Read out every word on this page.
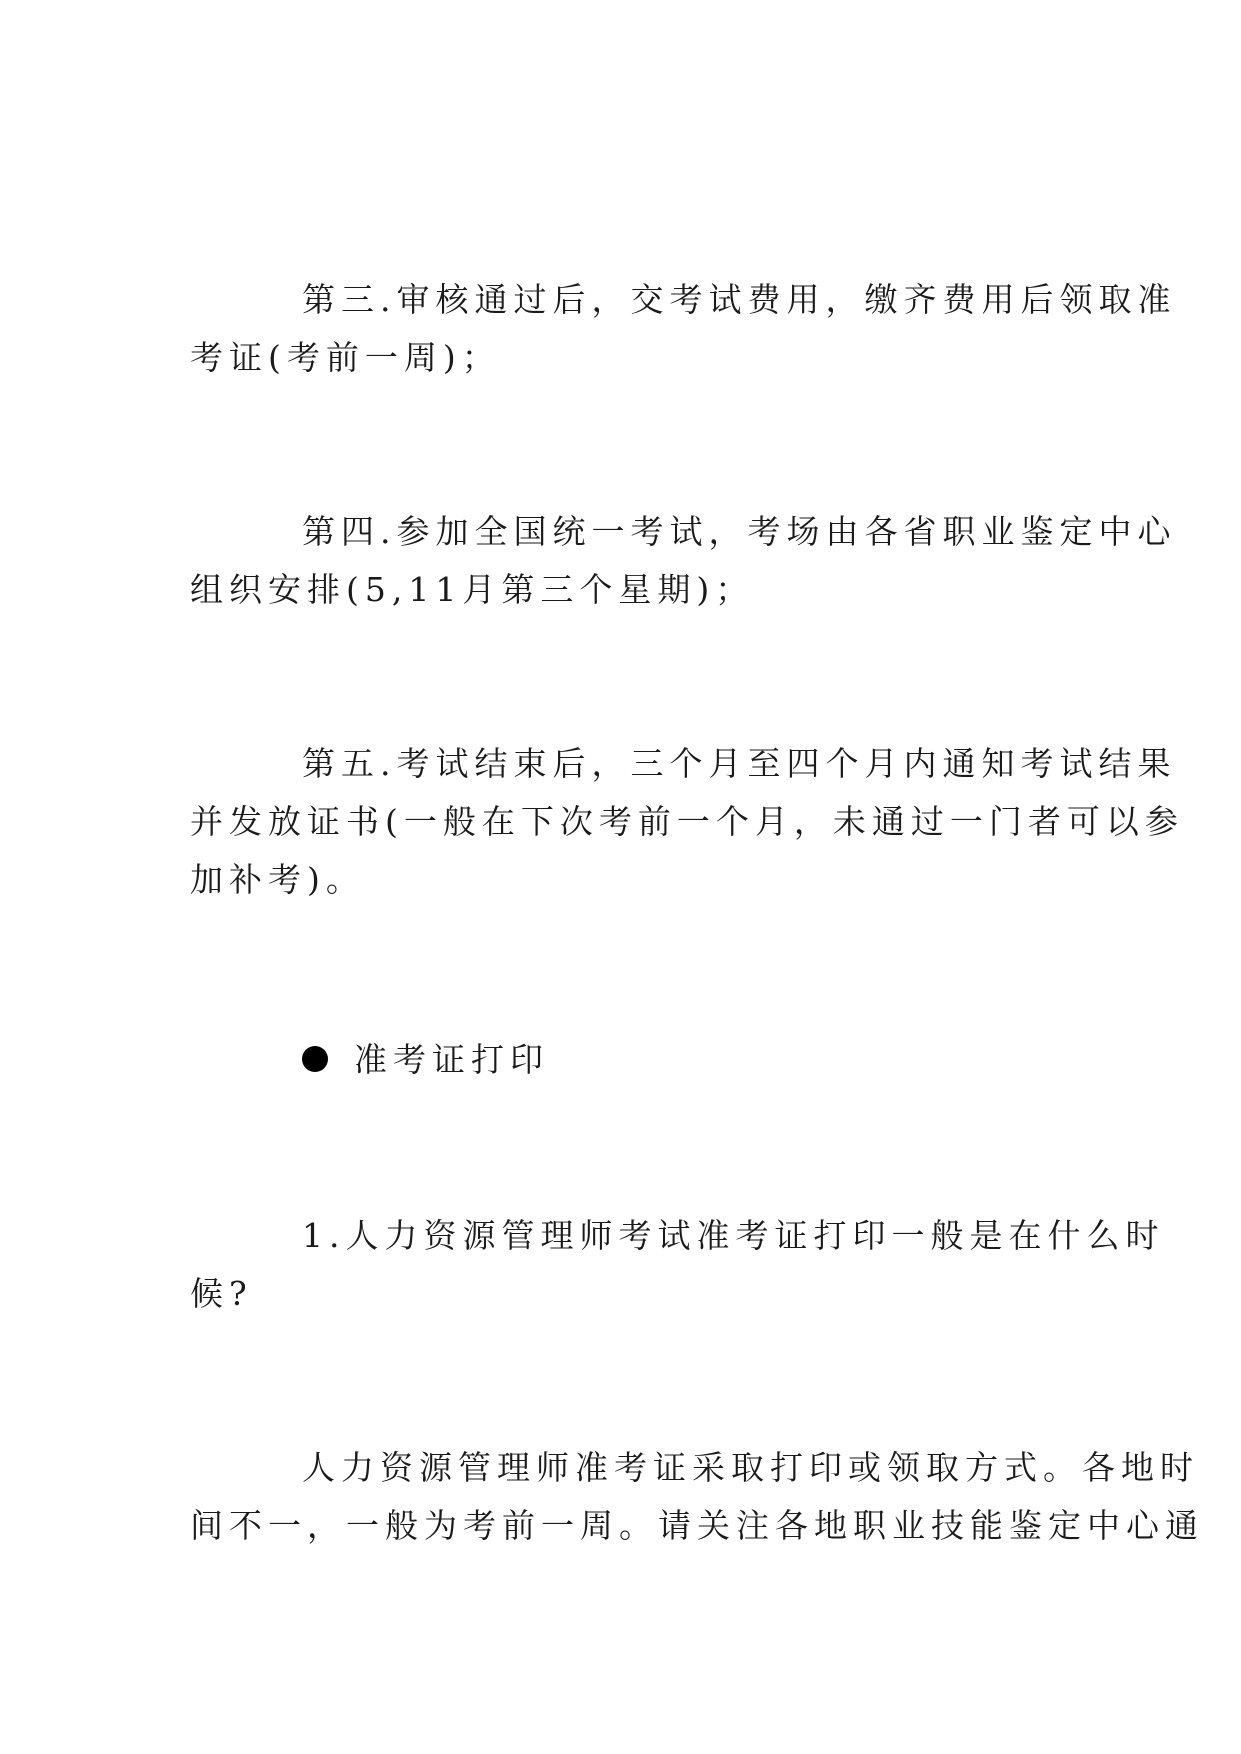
第三.审核通过后，交考试费用，缴齐费用后领取准
考证(考前一周)；
第四.参加全国统一考试，考场由各省职业鉴定中心
组织安排(5,11月第三个星期)；
第五.考试结束后，三个月至四个月内通知考试结果
并发放证书(一般在下次考前一个月，未通过一门者可以参
加补考)。
准考证打印
1.人力资源管理师考试准考证打印一般是在什么时
候?
人力资源管理师准考证采取打印或领取方式。各地时
间不一，一般为考前一周。请关注各地职业技能鉴定中心通
